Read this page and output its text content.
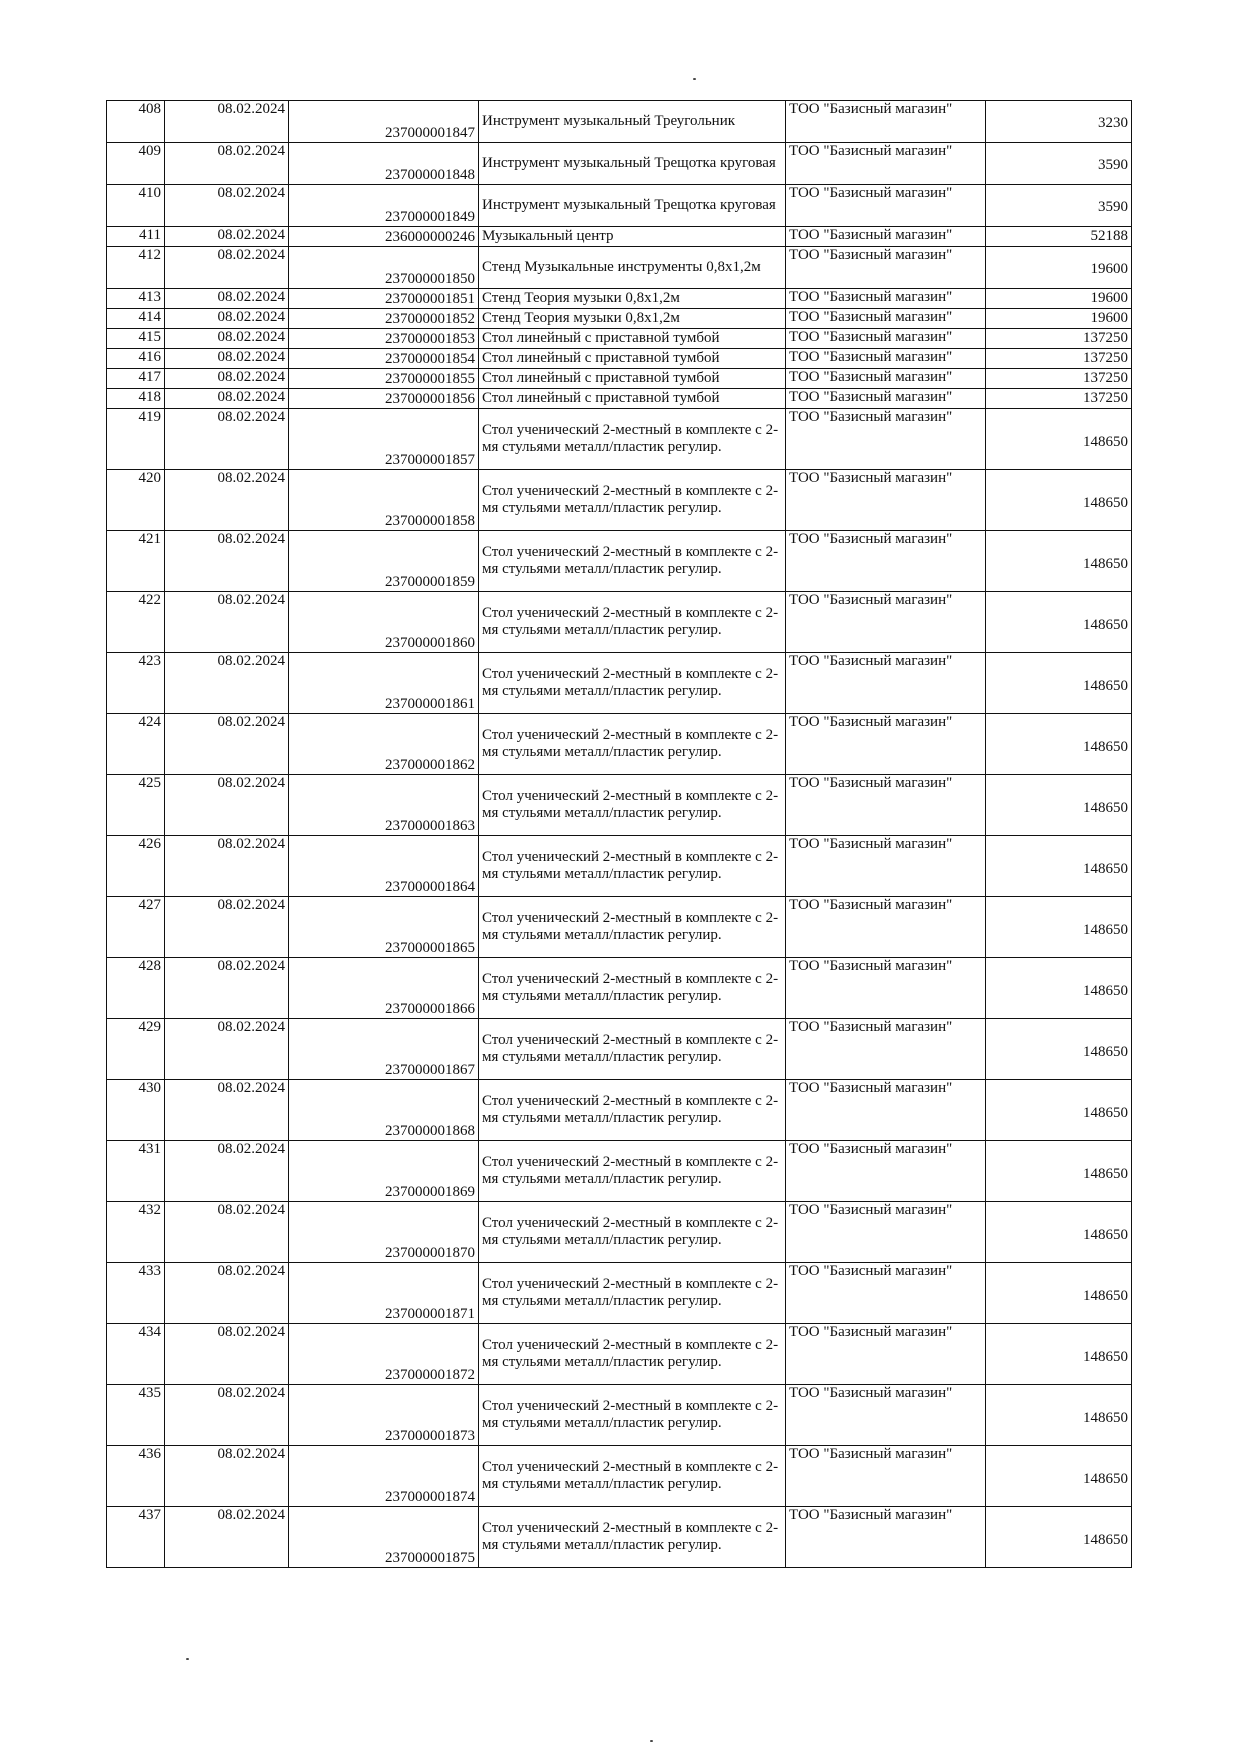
408	08.02.2024	237000001847	Инструмент музыкальный Треугольник	ТОО "Базисный магазин"	3230
409	08.02.2024	237000001848	Инструмент музыкальный Трещотка круговая	ТОО "Базисный магазин"	3590
410	08.02.2024	237000001849	Инструмент музыкальный Трещотка круговая	ТОО "Базисный магазин"	3590
411	08.02.2024	236000000246	Музыкальный центр	ТОО "Базисный магазин"	52188
412	08.02.2024	237000001850	Стенд Музыкальные инструменты 0,8х1,2м	ТОО "Базисный магазин"	19600
413	08.02.2024	237000001851	Стенд Теория музыки 0,8х1,2м	ТОО "Базисный магазин"	19600
414	08.02.2024	237000001852	Стенд Теория музыки 0,8х1,2м	ТОО "Базисный магазин"	19600
415	08.02.2024	237000001853	Стол линейный с приставной тумбой	ТОО "Базисный магазин"	137250
416	08.02.2024	237000001854	Стол линейный с приставной тумбой	ТОО "Базисный магазин"	137250
417	08.02.2024	237000001855	Стол линейный с приставной тумбой	ТОО "Базисный магазин"	137250
418	08.02.2024	237000001856	Стол линейный с приставной тумбой	ТОО "Базисный магазин"	137250
419	08.02.2024	237000001857	Стол ученический 2-местный в комплекте с 2-мя стульями металл/пластик регулир.	ТОО "Базисный магазин"	148650
420	08.02.2024	237000001858	Стол ученический 2-местный в комплекте с 2-мя стульями металл/пластик регулир.	ТОО "Базисный магазин"	148650
421	08.02.2024	237000001859	Стол ученический 2-местный в комплекте с 2-мя стульями металл/пластик регулир.	ТОО "Базисный магазин"	148650
422	08.02.2024	237000001860	Стол ученический 2-местный в комплекте с 2-мя стульями металл/пластик регулир.	ТОО "Базисный магазин"	148650
423	08.02.2024	237000001861	Стол ученический 2-местный в комплекте с 2-мя стульями металл/пластик регулир.	ТОО "Базисный магазин"	148650
424	08.02.2024	237000001862	Стол ученический 2-местный в комплекте с 2-мя стульями металл/пластик регулир.	ТОО "Базисный магазин"	148650
425	08.02.2024	237000001863	Стол ученический 2-местный в комплекте с 2-мя стульями металл/пластик регулир.	ТОО "Базисный магазин"	148650
426	08.02.2024	237000001864	Стол ученический 2-местный в комплекте с 2-мя стульями металл/пластик регулир.	ТОО "Базисный магазин"	148650
427	08.02.2024	237000001865	Стол ученический 2-местный в комплекте с 2-мя стульями металл/пластик регулир.	ТОО "Базисный магазин"	148650
428	08.02.2024	237000001866	Стол ученический 2-местный в комплекте с 2-мя стульями металл/пластик регулир.	ТОО "Базисный магазин"	148650
429	08.02.2024	237000001867	Стол ученический 2-местный в комплекте с 2-мя стульями металл/пластик регулир.	ТОО "Базисный магазин"	148650
430	08.02.2024	237000001868	Стол ученический 2-местный в комплекте с 2-мя стульями металл/пластик регулир.	ТОО "Базисный магазин"	148650
431	08.02.2024	237000001869	Стол ученический 2-местный в комплекте с 2-мя стульями металл/пластик регулир.	ТОО "Базисный магазин"	148650
432	08.02.2024	237000001870	Стол ученический 2-местный в комплекте с 2-мя стульями металл/пластик регулир.	ТОО "Базисный магазин"	148650
433	08.02.2024	237000001871	Стол ученический 2-местный в комплекте с 2-мя стульями металл/пластик регулир.	ТОО "Базисный магазин"	148650
434	08.02.2024	237000001872	Стол ученический 2-местный в комплекте с 2-мя стульями металл/пластик регулир.	ТОО "Базисный магазин"	148650
435	08.02.2024	237000001873	Стол ученический 2-местный в комплекте с 2-мя стульями металл/пластик регулир.	ТОО "Базисный магазин"	148650
436	08.02.2024	237000001874	Стол ученический 2-местный в комплекте с 2-мя стульями металл/пластик регулир.	ТОО "Базисный магазин"	148650
437	08.02.2024	237000001875	Стол ученический 2-местный в комплекте с 2-мя стульями металл/пластик регулир.	ТОО "Базисный магазин"	148650
